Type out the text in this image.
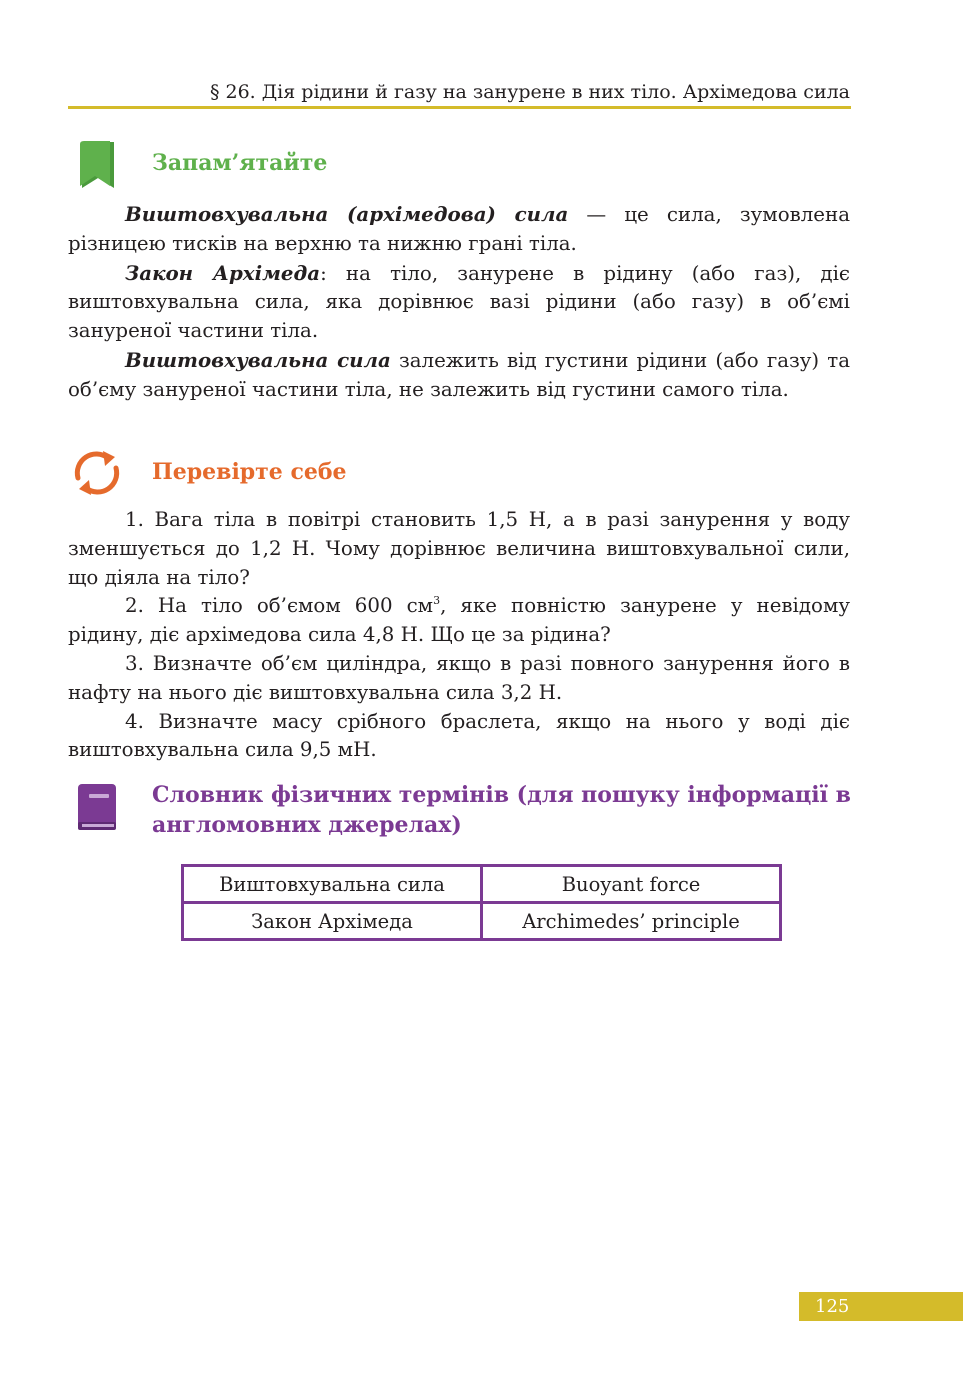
§ 26. Дія рідини й газу на занурене в них тіло. Архімедова сила
Запам’ятайте

Виштовхувальна (архімедова) сила — це сила, зумовлена різницею тисків на верхню та нижню грані тіла.

Закон Архімеда: на тіло, занурене в рідину (або газ), діє виштовхувальна сила, яка дорівнює вазі рідини (або газу) в об’ємі зануреної частини тіла.

Виштовхувальна сила залежить від густини рідини (або газу) та об’єму зануреної частини тіла, не залежить від густини самого тіла.

Перевірте себе

1. Вага тіла в повітрі становить 1,5 Н, а в разі занурення у воду зменшується до 1,2 Н. Чому дорівнює величина виштовхувальної сили, що діяла на тіло?

2. На тіло об’ємом 600 $см^3$, яке повністю занурене у невідому рідину, діє архімедова сила 4,8 Н. Що це за рідина?

3. Визначте об’єм циліндра, якщо в разі повного занурення його в нафту на нього діє виштовхувальна сила 3,2 Н.

4. Визначте масу срібного браслета, якщо на нього у воді діє виштовхувальна сила 9,5 мН.

Словник фізичних термінів (для пошуку інформації в
англомовних джерелах)
Виштовхувальна сила	Buoyant force
Закон Архімеда	Archimedes’ principle
125
